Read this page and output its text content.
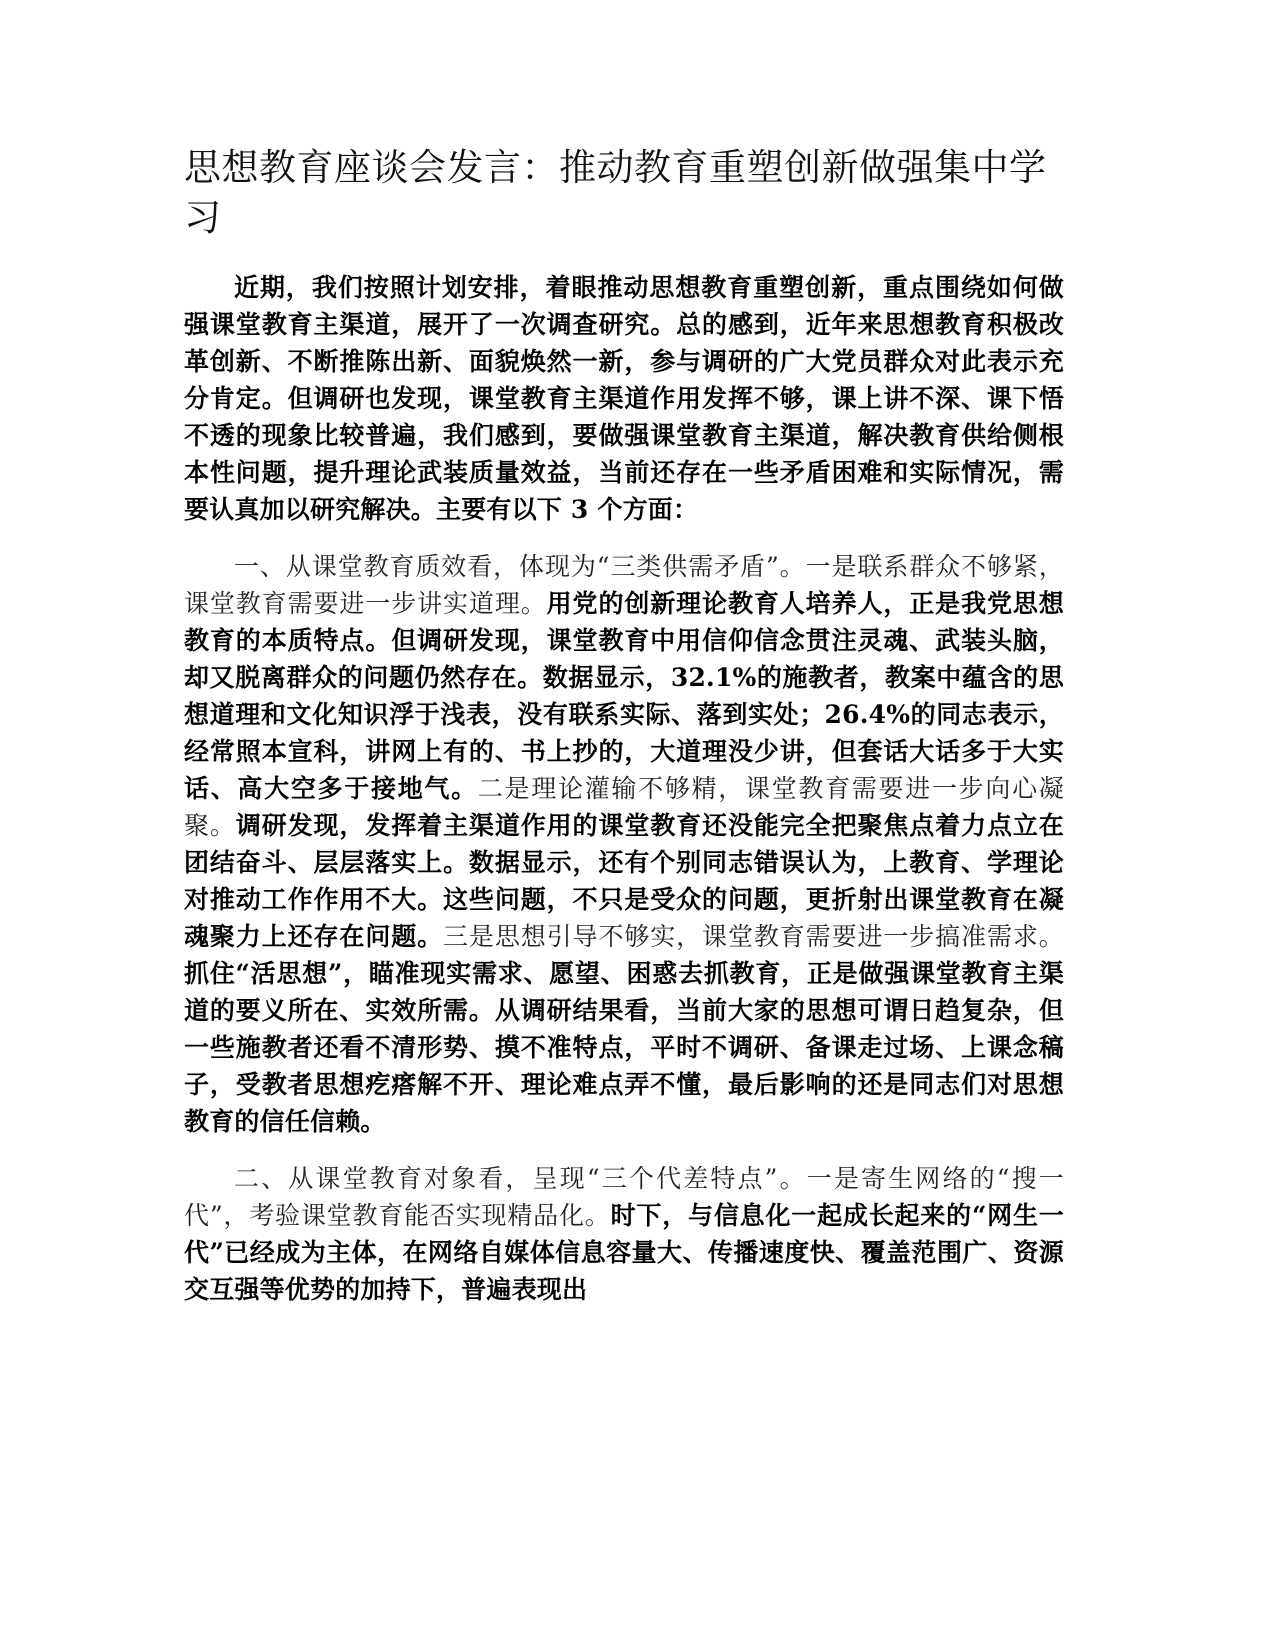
思想教育座谈会发言：推动教育重塑创新做强集中学习

近期，我们按照计划安排，着眼推动思想教育重塑创新，重点围绕如何做强课堂教育主渠道，展开了一次调查研究。总的感到，近年来思想教育积极改革创新、不断推陈出新、面貌焕然一新，参与调研的广大党员群众对此表示充分肯定。但调研也发现，课堂教育主渠道作用发挥不够，课上讲不深、课下悟不透的现象比较普遍，我们感到，要做强课堂教育主渠道，解决教育供给侧根本性问题，提升理论武装质量效益，当前还存在一些矛盾困难和实际情况，需要认真加以研究解决。主要有以下 3 个方面：

一、从课堂教育质效看，体现为“三类供需矛盾”。一是联系群众不够紧，课堂教育需要进一步讲实道理。用党的创新理论教育人培养人，正是我党思想教育的本质特点。但调研发现，课堂教育中用信仰信念贯注灵魂、武装头脑，却又脱离群众的问题仍然存在。数据显示，32.1%的施教者，教案中蕴含的思想道理和文化知识浮于浅表，没有联系实际、落到实处；26.4%的同志表示，经常照本宣科，讲网上有的、书上抄的，大道理没少讲，但套话大话多于大实话、高大空多于接地气。二是理论灌输不够精，课堂教育需要进一步向心凝聚。调研发现，发挥着主渠道作用的课堂教育还没能完全把聚焦点着力点立在团结奋斗、层层落实上。数据显示，还有个别同志错误认为，上教育、学理论对推动工作作用不大。这些问题，不只是受众的问题，更折射出课堂教育在凝魂聚力上还存在问题。三是思想引导不够实，课堂教育需要进一步搞准需求。抓住“活思想”，瞄准现实需求、愿望、困惑去抓教育，正是做强课堂教育主渠道的要义所在、实效所需。从调研结果看，当前大家的思想可谓日趋复杂，但一些施教者还看不清形势、摸不准特点，平时不调研、备课走过场、上课念稿子，受教者思想疙瘩解不开、理论难点弄不懂，最后影响的还是同志们对思想教育的信任信赖。

二、从课堂教育对象看，呈现“三个代差特点”。一是寄生网络的“搜一代”，考验课堂教育能否实现精品化。时下，与信息化一起成长起来的“网生一代”已经成为主体，在网络自媒体信息容量大、传播速度快、覆盖范围广、资源交互强等优势的加持下，普遍表现出
